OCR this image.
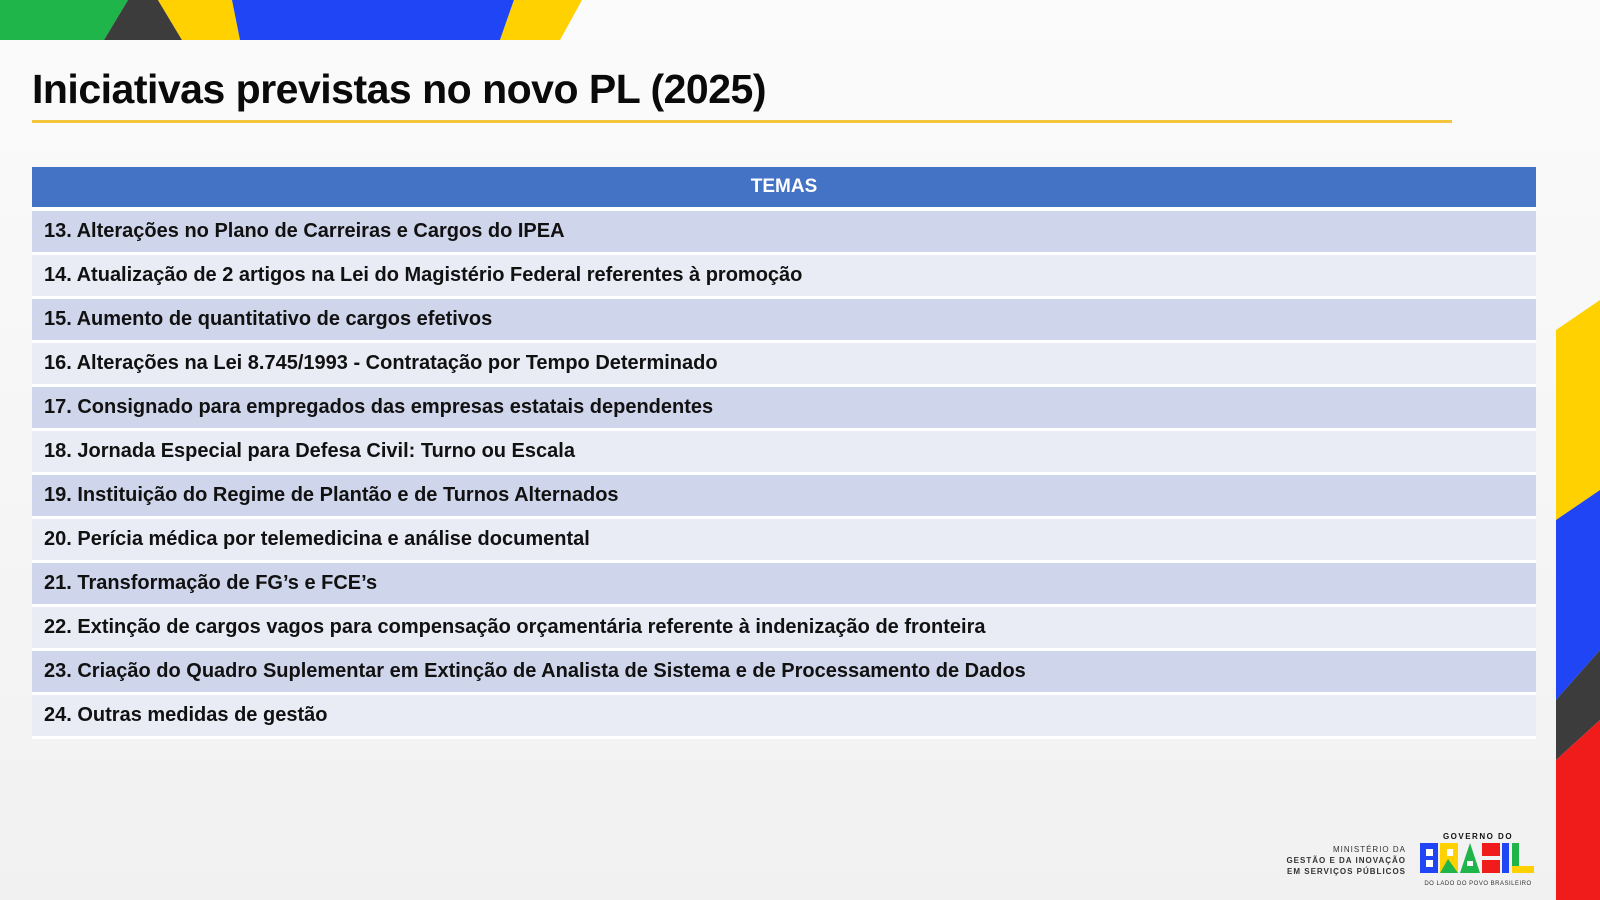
Iniciativas previstas no novo PL (2025)
TEMAS
13. Alterações no Plano de Carreiras e Cargos do IPEA
14. Atualização de 2 artigos na Lei do Magistério Federal referentes à promoção
15. Aumento de quantitativo de cargos efetivos
16. Alterações na Lei 8.745/1993 - Contratação por Tempo Determinado
17. Consignado para empregados das empresas estatais dependentes
18. Jornada Especial para Defesa Civil: Turno ou Escala
19. Instituição do Regime de Plantão e de Turnos Alternados
20. Perícia médica por telemedicina e análise documental
21. Transformação de FG’s e FCE’s
22. Extinção de cargos vagos para compensação orçamentária referente à indenização de fronteira
23. Criação do Quadro Suplementar em Extinção de Analista de Sistema e de Processamento de Dados
24. Outras medidas de gestão
MINISTÉRIO DA
GESTÃO E DA INOVAÇÃO
EM SERVIÇOS PÚBLICOS
GOVERNO DO
DO LADO DO POVO BRASILEIRO
